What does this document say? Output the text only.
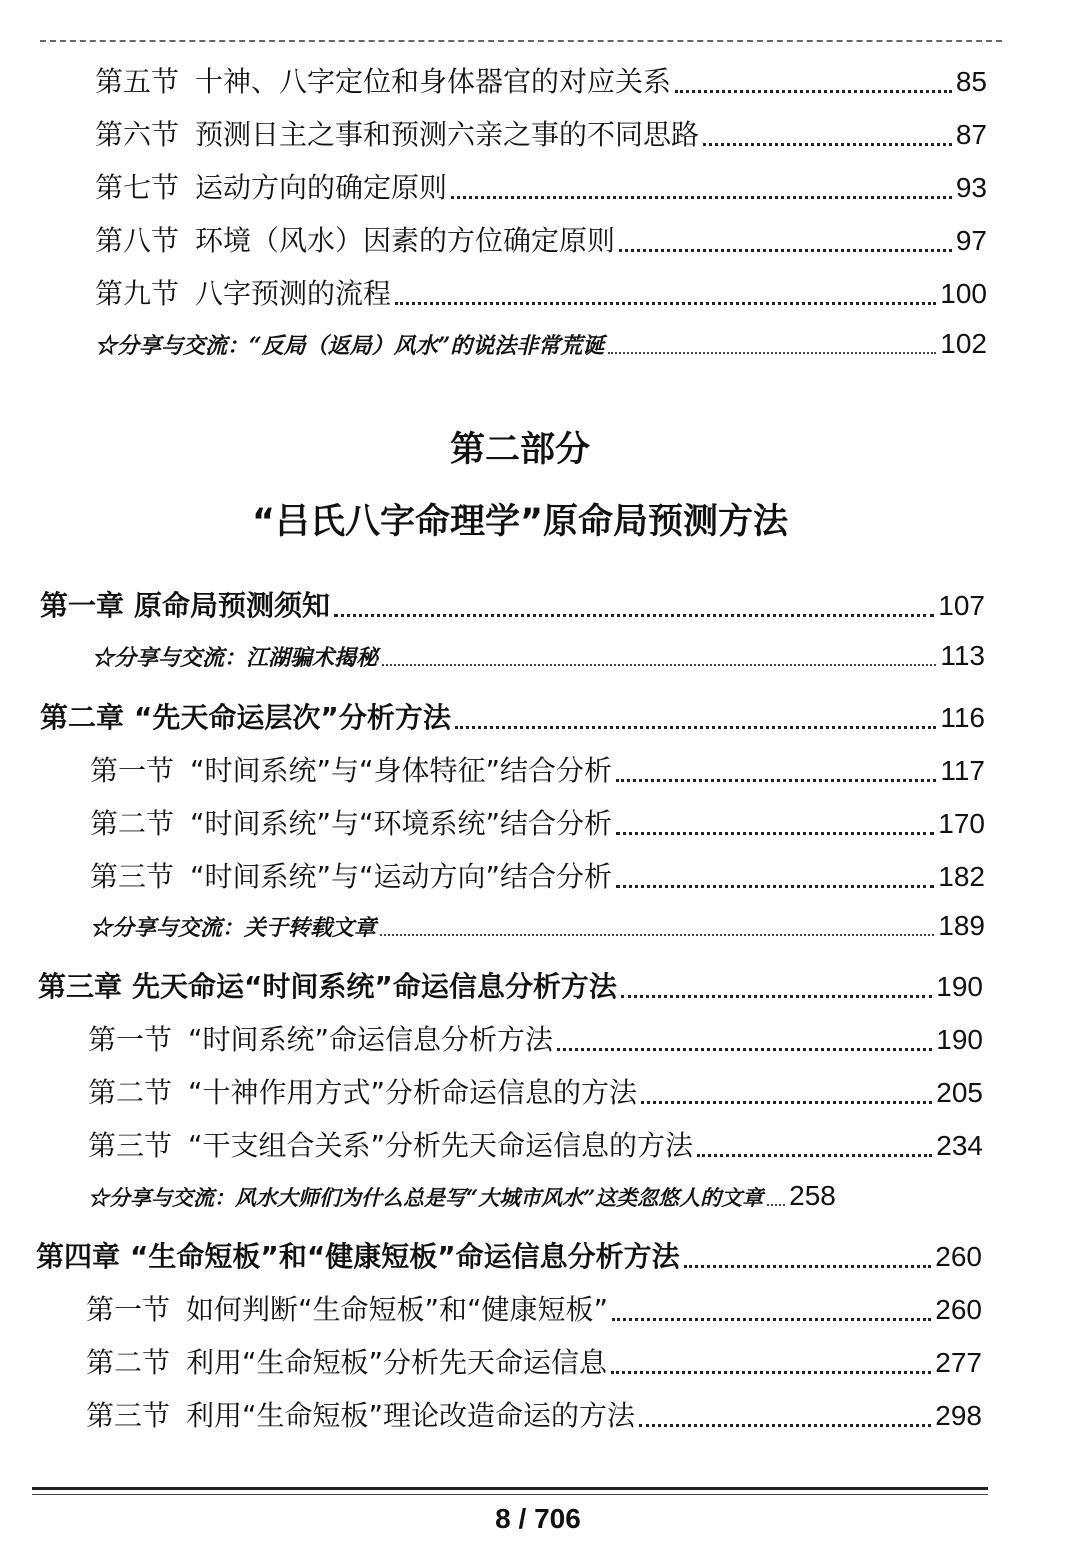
第五节 十神、八字定位和身体器官的对应关系	85
第六节 预测日主之事和预测六亲之事的不同思路	87
第七节 运动方向的确定原则	93
第八节 环境（风水）因素的方位确定原则	97
第九节 八字预测的流程	100
☆分享与交流：“反局（返局）风水”的说法非常荒诞	102
第二部分
“吕氏八字命理学”原命局预测方法
第一章 原命局预测须知	107
☆分享与交流：江湖骗术揭秘	113
第二章 “先天命运层次”分析方法	116
第一节 “时间系统”与“身体特征”结合分析	117
第二节 “时间系统”与“环境系统”结合分析	170
第三节 “时间系统”与“运动方向”结合分析	182
☆分享与交流：关于转载文章	189
第三章 先天命运“时间系统”命运信息分析方法	190
第一节 “时间系统”命运信息分析方法	190
第二节 “十神作用方式”分析命运信息的方法	205
第三节 “干支组合关系”分析先天命运信息的方法	234
☆分享与交流：风水大师们为什么总是写“大城市风水”这类忽悠人的文章 258
第四章 “生命短板”和“健康短板”命运信息分析方法	260
第一节 如何判断“生命短板”和“健康短板”	260
第二节 利用“生命短板”分析先天命运信息	277
第三节 利用“生命短板”理论改造命运的方法	298
8 / 706
